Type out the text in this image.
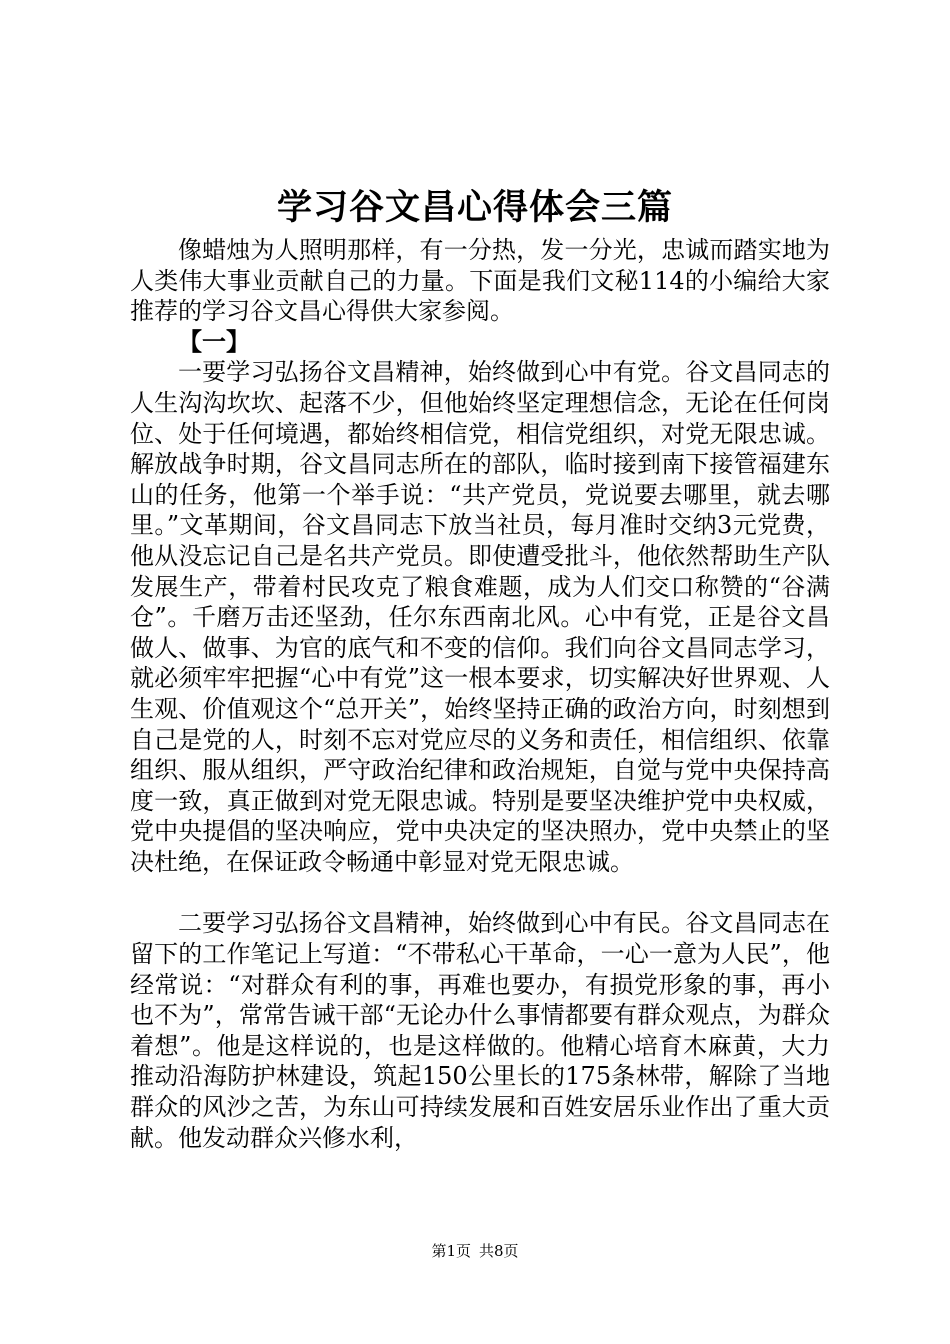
学习谷文昌心得体会三篇

像蜡烛为人照明那样，有一分热，发一分光，忠诚而踏实地为人类伟大事业贡献自己的力量。下面是我们文秘114的小编给大家推荐的学习谷文昌心得供大家参阅。

【一】

一要学习弘扬谷文昌精神，始终做到心中有党。谷文昌同志的人生沟沟坎坎、起落不少，但他始终坚定理想信念，无论在任何岗位、处于任何境遇，都始终相信党，相信党组织，对党无限忠诚。解放战争时期，谷文昌同志所在的部队，临时接到南下接管福建东山的任务，他第一个举手说：“共产党员，党说要去哪里，就去哪里。”文革期间，谷文昌同志下放当社员，每月准时交纳3元党费，他从没忘记自己是名共产党员。即使遭受批斗，他依然帮助生产队发展生产，带着村民攻克了粮食难题，成为人们交口称赞的“谷满仓”。千磨万击还坚劲，任尔东西南北风。心中有党，正是谷文昌做人、做事、为官的底气和不变的信仰。我们向谷文昌同志学习，就必须牢牢把握“心中有党”这一根本要求，切实解决好世界观、人生观、价值观这个“总开关”，始终坚持正确的政治方向，时刻想到自己是党的人，时刻不忘对党应尽的义务和责任，相信组织、依靠组织、服从组织，严守政治纪律和政治规矩，自觉与党中央保持高度一致，真正做到对党无限忠诚。特别是要坚决维护党中央权威，党中央提倡的坚决响应，党中央决定的坚决照办，党中央禁止的坚决杜绝，在保证政令畅通中彰显对党无限忠诚。

二要学习弘扬谷文昌精神，始终做到心中有民。谷文昌同志在留下的工作笔记上写道：“不带私心干革命，一心一意为人民”，他经常说：“对群众有利的事，再难也要办，有损党形象的事，再小也不为”，常常告诫干部“无论办什么事情都要有群众观点，为群众着想”。他是这样说的，也是这样做的。他精心培育木麻黄，大力推动沿海防护林建设，筑起150公里长的175条林带，解除了当地群众的风沙之苦，为东山可持续发展和百姓安居乐业作出了重大贡献。他发动群众兴修水利，

第1页 共8页
